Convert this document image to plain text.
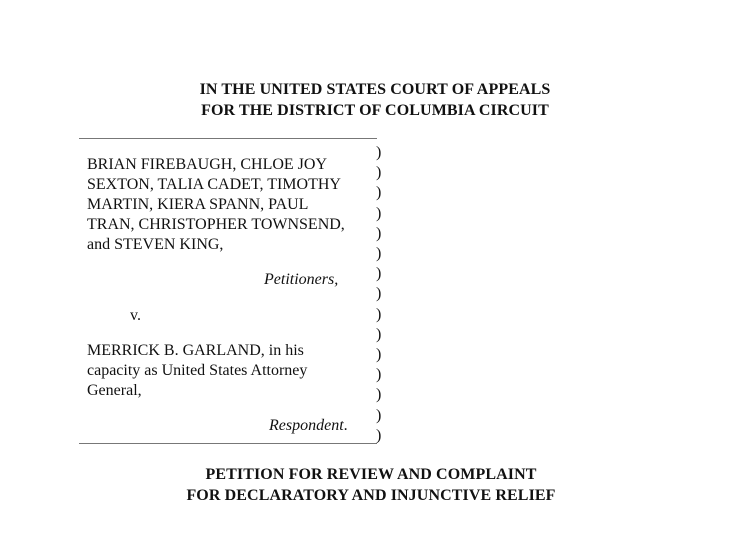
IN THE UNITED STATES COURT OF APPEALS
FOR THE DISTRICT OF COLUMBIA CIRCUIT
BRIAN FIREBAUGH, CHLOE JOY
SEXTON, TALIA CADET, TIMOTHY
MARTIN, KIERA SPANN, PAUL
TRAN, CHRISTOPHER TOWNSEND,
and STEVEN KING,
Petitioners,
v.
MERRICK B. GARLAND, in his
capacity as United States Attorney
General,
Respondent.
)
)
)
)
)
)
)
)
)
)
)
)
)
)
)
PETITION FOR REVIEW AND COMPLAINT
FOR DECLARATORY AND INJUNCTIVE RELIEF
